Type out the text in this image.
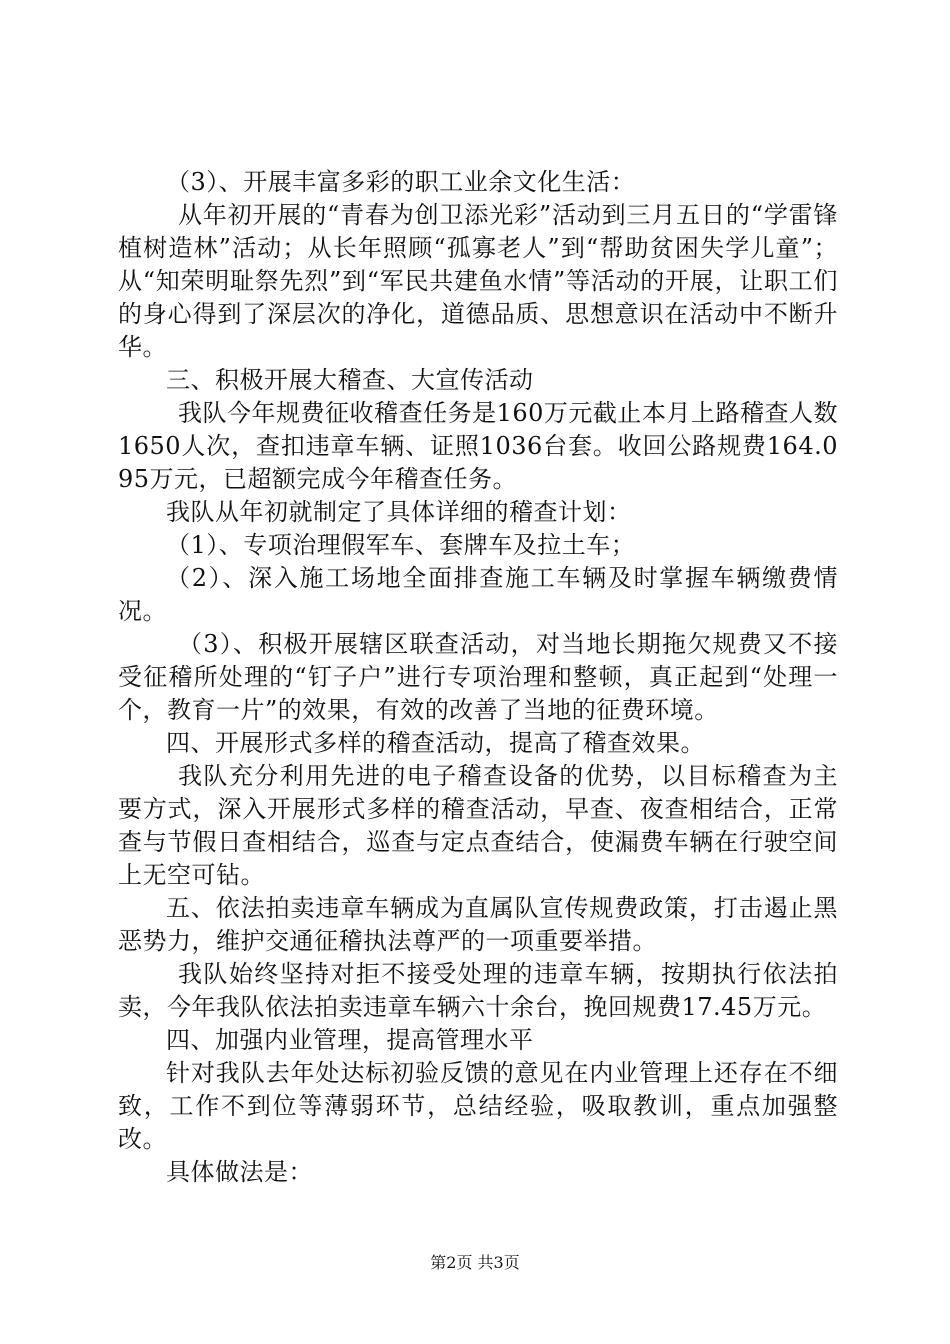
（3）、开展丰富多彩的职工业余文化生活：

从年初开展的“青春为创卫添光彩”活动到三月五日的“学雷锋植树造林”活动；从长年照顾“孤寡老人”到“帮助贫困失学儿童”；从“知荣明耻祭先烈”到“军民共建鱼水情”等活动的开展，让职工们的身心得到了深层次的净化，道德品质、思想意识在活动中不断升华。

三、积极开展大稽查、大宣传活动

我队今年规费征收稽查任务是160万元截止本月上路稽查人数1650人次，查扣违章车辆、证照1036台套。收回公路规费164.095万元，已超额完成今年稽查任务。

我队从年初就制定了具体详细的稽查计划：

（1）、专项治理假军车、套牌车及拉土车；

（2）、深入施工场地全面排查施工车辆及时掌握车辆缴费情况。

（3）、积极开展辖区联查活动，对当地长期拖欠规费又不接受征稽所处理的“钉子户”进行专项治理和整顿，真正起到“处理一个，教育一片”的效果，有效的改善了当地的征费环境。

四、开展形式多样的稽查活动，提高了稽查效果。

我队充分利用先进的电子稽查设备的优势，以目标稽查为主要方式，深入开展形式多样的稽查活动，早查、夜查相结合，正常查与节假日查相结合，巡查与定点查结合，使漏费车辆在行驶空间上无空可钻。

五、依法拍卖违章车辆成为直属队宣传规费政策，打击遏止黑恶势力，维护交通征稽执法尊严的一项重要举措。

我队始终坚持对拒不接受处理的违章车辆，按期执行依法拍卖，今年我队依法拍卖违章车辆六十余台，挽回规费17.45万元。

四、加强内业管理，提高管理水平

针对我队去年处达标初验反馈的意见在内业管理上还存在不细致，工作不到位等薄弱环节，总结经验，吸取教训，重点加强整改。

具体做法是：

第2页 共3页
